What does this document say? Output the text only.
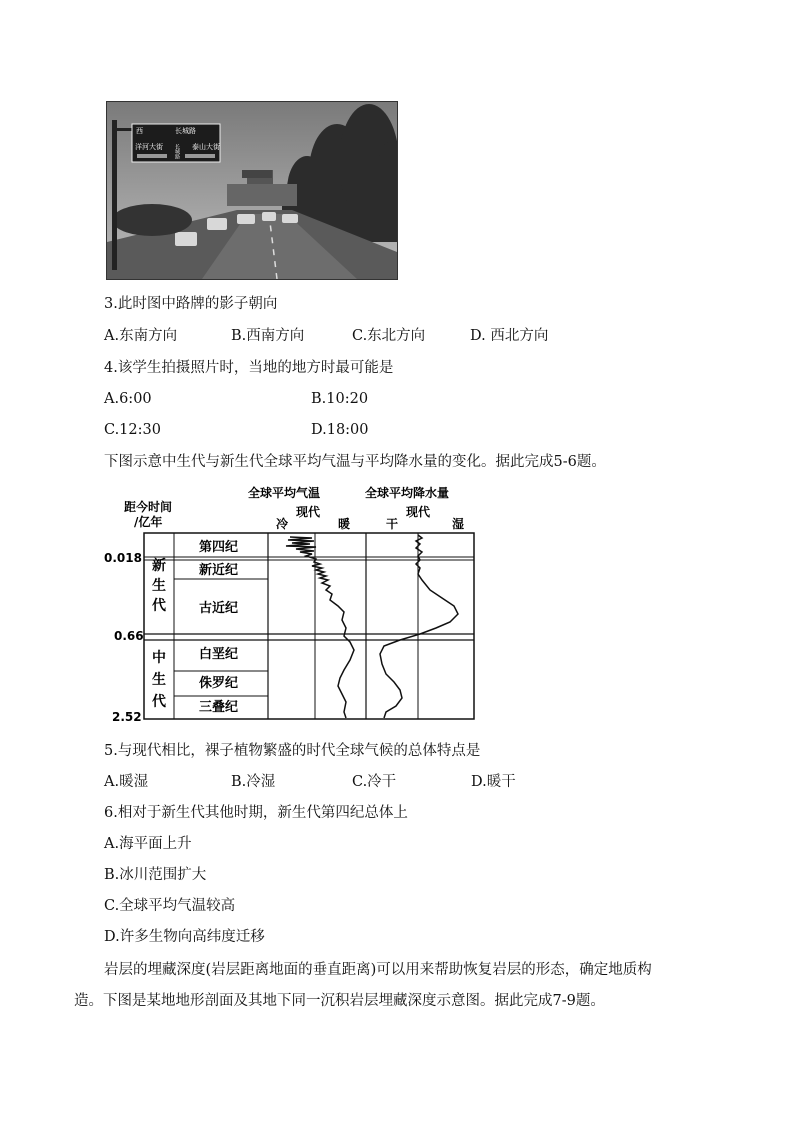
西	长城路
洋河大街	泰山大街
长城路
3.此时图中路牌的影子朝向
A.东南方向	B.西南方向	C.东北方向	D. 西北方向
4.该学生拍摄照片时，当地的地方时最可能是
A.6:00	B.10:20
C.12:30	D.18:00
下图示意中生代与新生代全球平均气温与平均降水量的变化。据此完成5-6题。
距今时间
/亿年
全球平均气温
现代
冷	暖
全球平均降水量
现代
干	湿
0.018
0.66
2.52
新
生
代
中
生
代
第四纪
新近纪
古近纪
白垩纪
侏罗纪
三叠纪
5.与现代相比，裸子植物繁盛的时代全球气候的总体特点是
A.暖湿	B.冷湿	C.冷干	D.暖干
6.相对于新生代其他时期，新生代第四纪总体上
A.海平面上升
B.冰川范围扩大
C.全球平均气温较高
D.许多生物向高纬度迁移
岩层的埋藏深度(岩层距离地面的垂直距离)可以用来帮助恢复岩层的形态，确定地质构
造。下图是某地地形剖面及其地下同一沉积岩层埋藏深度示意图。据此完成7-9题。
